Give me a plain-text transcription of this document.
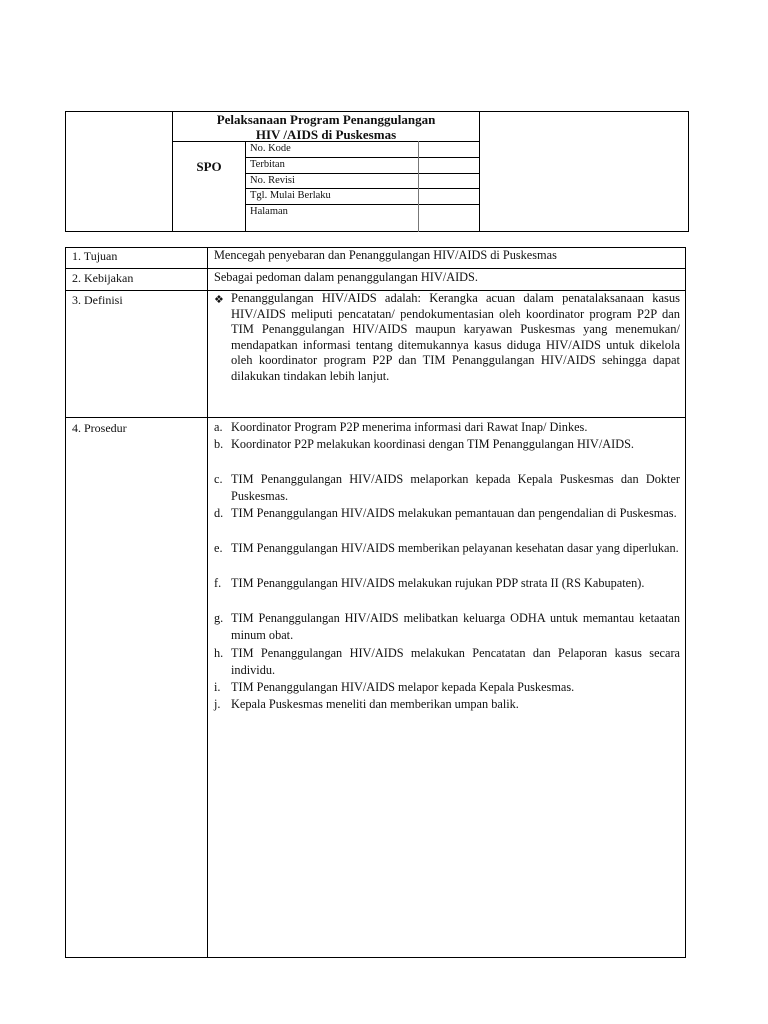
Pelaksanaan Program Penanggulangan
HIV /AIDS di Puskesmas
SPO
No. Kode
Terbitan
No. Revisi
Tgl. Mulai Berlaku
Halaman
1. Tujuan	Mencegah penyebaran dan Penanggulangan HIV/AIDS di Puskesmas
2. Kebijakan	Sebagai pedoman dalam penanggulangan HIV/AIDS.
3. Definisi	❖ Penanggulangan HIV/AIDS adalah: Kerangka acuan dalam penatalaksanaan kasus HIV/AIDS meliputi pencatatan/ pendokumentasian oleh koordinator program P2P dan TIM Penanggulangan HIV/AIDS maupun karyawan Puskesmas yang menemukan/ mendapatkan informasi tentang ditemukannya kasus diduga HIV/AIDS untuk dikelola oleh koordinator program P2P dan TIM Penanggulangan HIV/AIDS sehingga dapat dilakukan tindakan lebih lanjut.
4. Prosedur	a. Koordinator Program P2P menerima informasi dari Rawat Inap/ Dinkes.
b. Koordinator P2P melakukan koordinasi dengan TIM Penanggulangan HIV/AIDS.
c. TIM Penanggulangan HIV/AIDS melaporkan kepada Kepala Puskesmas dan Dokter Puskesmas.
d. TIM Penanggulangan HIV/AIDS melakukan pemantauan dan pengendalian di Puskesmas.
e. TIM Penanggulangan HIV/AIDS memberikan pelayanan kesehatan dasar yang diperlukan.
f. TIM Penanggulangan HIV/AIDS melakukan rujukan PDP strata II (RS Kabupaten).
g. TIM Penanggulangan HIV/AIDS melibatkan keluarga ODHA untuk memantau ketaatan minum obat.
h. TIM Penanggulangan HIV/AIDS melakukan Pencatatan dan Pelaporan kasus secara individu.
i. TIM Penanggulangan HIV/AIDS melapor kepada Kepala Puskesmas.
j. Kepala Puskesmas meneliti dan memberikan umpan balik.
